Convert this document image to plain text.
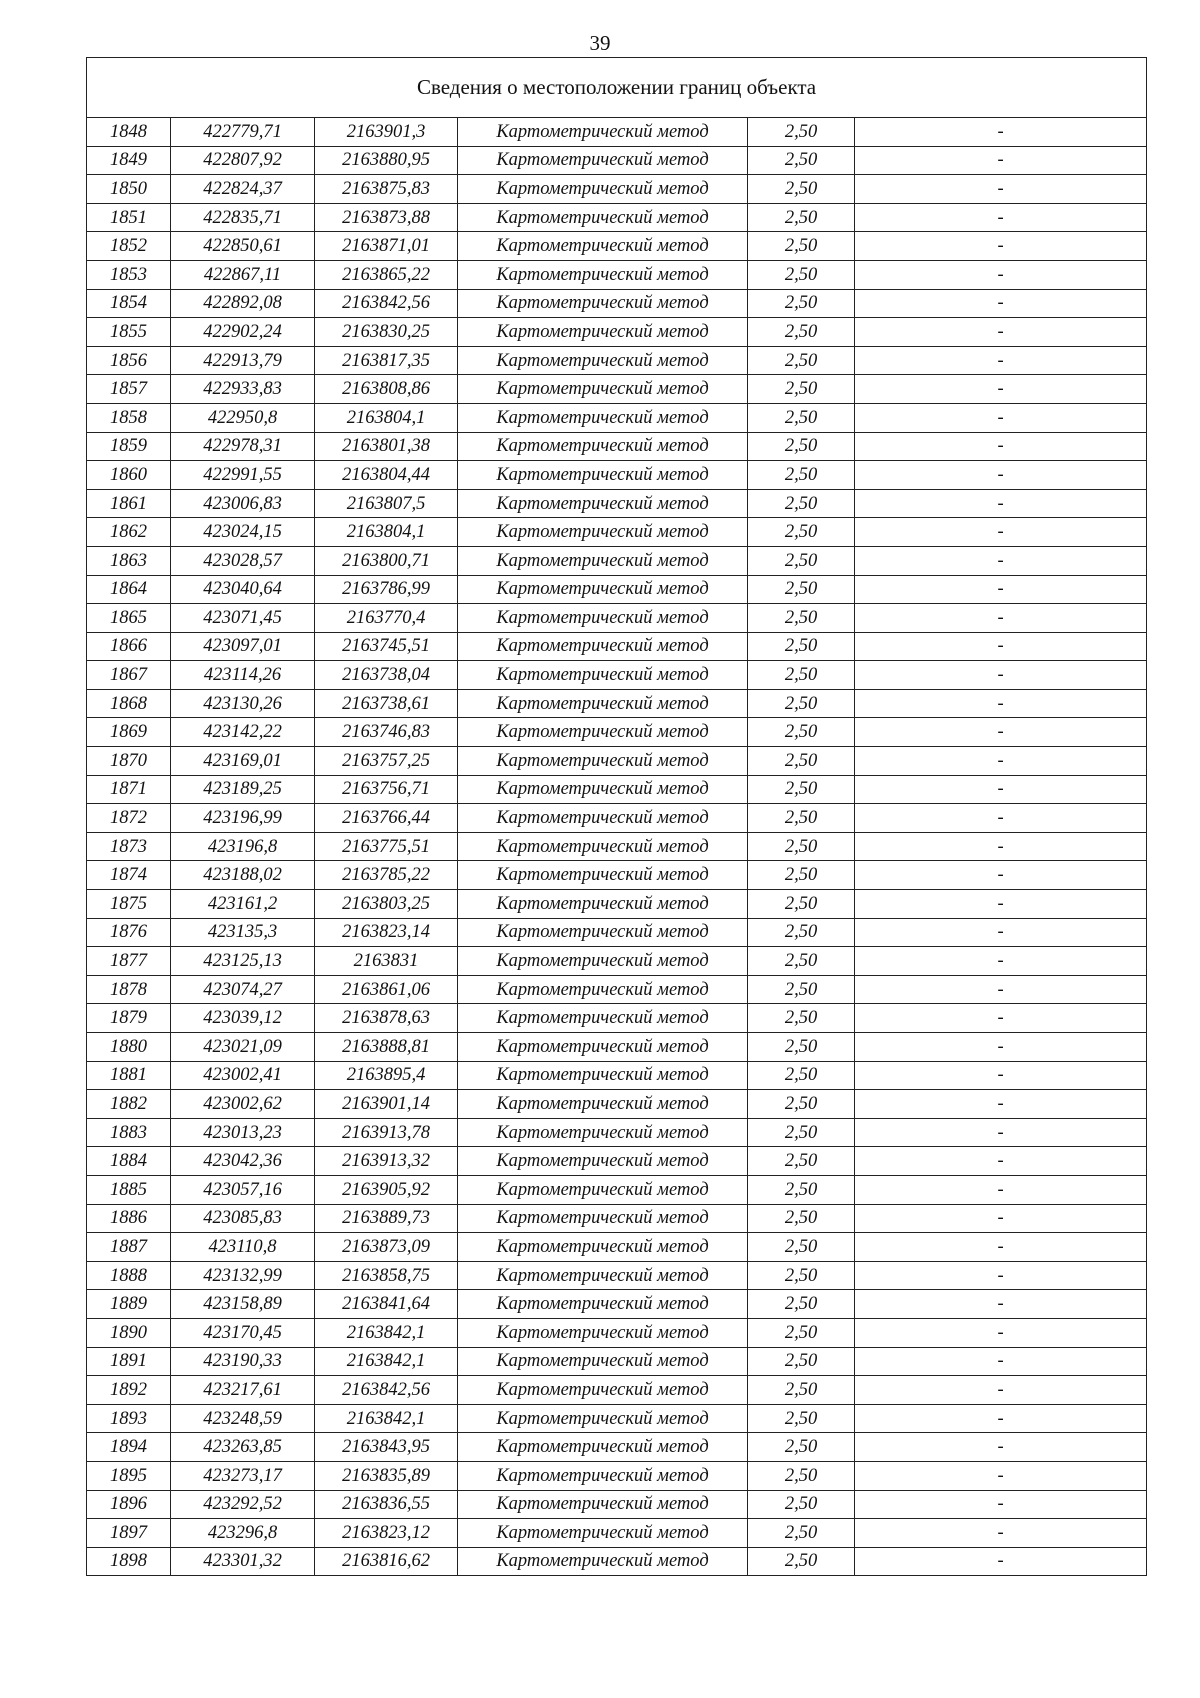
39
Сведения о местоположении границ объекта					
1848	422779,71	2163901,3	Картометрический метод	2,50	-
1849	422807,92	2163880,95	Картометрический метод	2,50	-
1850	422824,37	2163875,83	Картометрический метод	2,50	-
1851	422835,71	2163873,88	Картометрический метод	2,50	-
1852	422850,61	2163871,01	Картометрический метод	2,50	-
1853	422867,11	2163865,22	Картометрический метод	2,50	-
1854	422892,08	2163842,56	Картометрический метод	2,50	-
1855	422902,24	2163830,25	Картометрический метод	2,50	-
1856	422913,79	2163817,35	Картометрический метод	2,50	-
1857	422933,83	2163808,86	Картометрический метод	2,50	-
1858	422950,8	2163804,1	Картометрический метод	2,50	-
1859	422978,31	2163801,38	Картометрический метод	2,50	-
1860	422991,55	2163804,44	Картометрический метод	2,50	-
1861	423006,83	2163807,5	Картометрический метод	2,50	-
1862	423024,15	2163804,1	Картометрический метод	2,50	-
1863	423028,57	2163800,71	Картометрический метод	2,50	-
1864	423040,64	2163786,99	Картометрический метод	2,50	-
1865	423071,45	2163770,4	Картометрический метод	2,50	-
1866	423097,01	2163745,51	Картометрический метод	2,50	-
1867	423114,26	2163738,04	Картометрический метод	2,50	-
1868	423130,26	2163738,61	Картометрический метод	2,50	-
1869	423142,22	2163746,83	Картометрический метод	2,50	-
1870	423169,01	2163757,25	Картометрический метод	2,50	-
1871	423189,25	2163756,71	Картометрический метод	2,50	-
1872	423196,99	2163766,44	Картометрический метод	2,50	-
1873	423196,8	2163775,51	Картометрический метод	2,50	-
1874	423188,02	2163785,22	Картометрический метод	2,50	-
1875	423161,2	2163803,25	Картометрический метод	2,50	-
1876	423135,3	2163823,14	Картометрический метод	2,50	-
1877	423125,13	2163831	Картометрический метод	2,50	-
1878	423074,27	2163861,06	Картометрический метод	2,50	-
1879	423039,12	2163878,63	Картометрический метод	2,50	-
1880	423021,09	2163888,81	Картометрический метод	2,50	-
1881	423002,41	2163895,4	Картометрический метод	2,50	-
1882	423002,62	2163901,14	Картометрический метод	2,50	-
1883	423013,23	2163913,78	Картометрический метод	2,50	-
1884	423042,36	2163913,32	Картометрический метод	2,50	-
1885	423057,16	2163905,92	Картометрический метод	2,50	-
1886	423085,83	2163889,73	Картометрический метод	2,50	-
1887	423110,8	2163873,09	Картометрический метод	2,50	-
1888	423132,99	2163858,75	Картометрический метод	2,50	-
1889	423158,89	2163841,64	Картометрический метод	2,50	-
1890	423170,45	2163842,1	Картометрический метод	2,50	-
1891	423190,33	2163842,1	Картометрический метод	2,50	-
1892	423217,61	2163842,56	Картометрический метод	2,50	-
1893	423248,59	2163842,1	Картометрический метод	2,50	-
1894	423263,85	2163843,95	Картометрический метод	2,50	-
1895	423273,17	2163835,89	Картометрический метод	2,50	-
1896	423292,52	2163836,55	Картометрический метод	2,50	-
1897	423296,8	2163823,12	Картометрический метод	2,50	-
1898	423301,32	2163816,62	Картометрический метод	2,50	-
